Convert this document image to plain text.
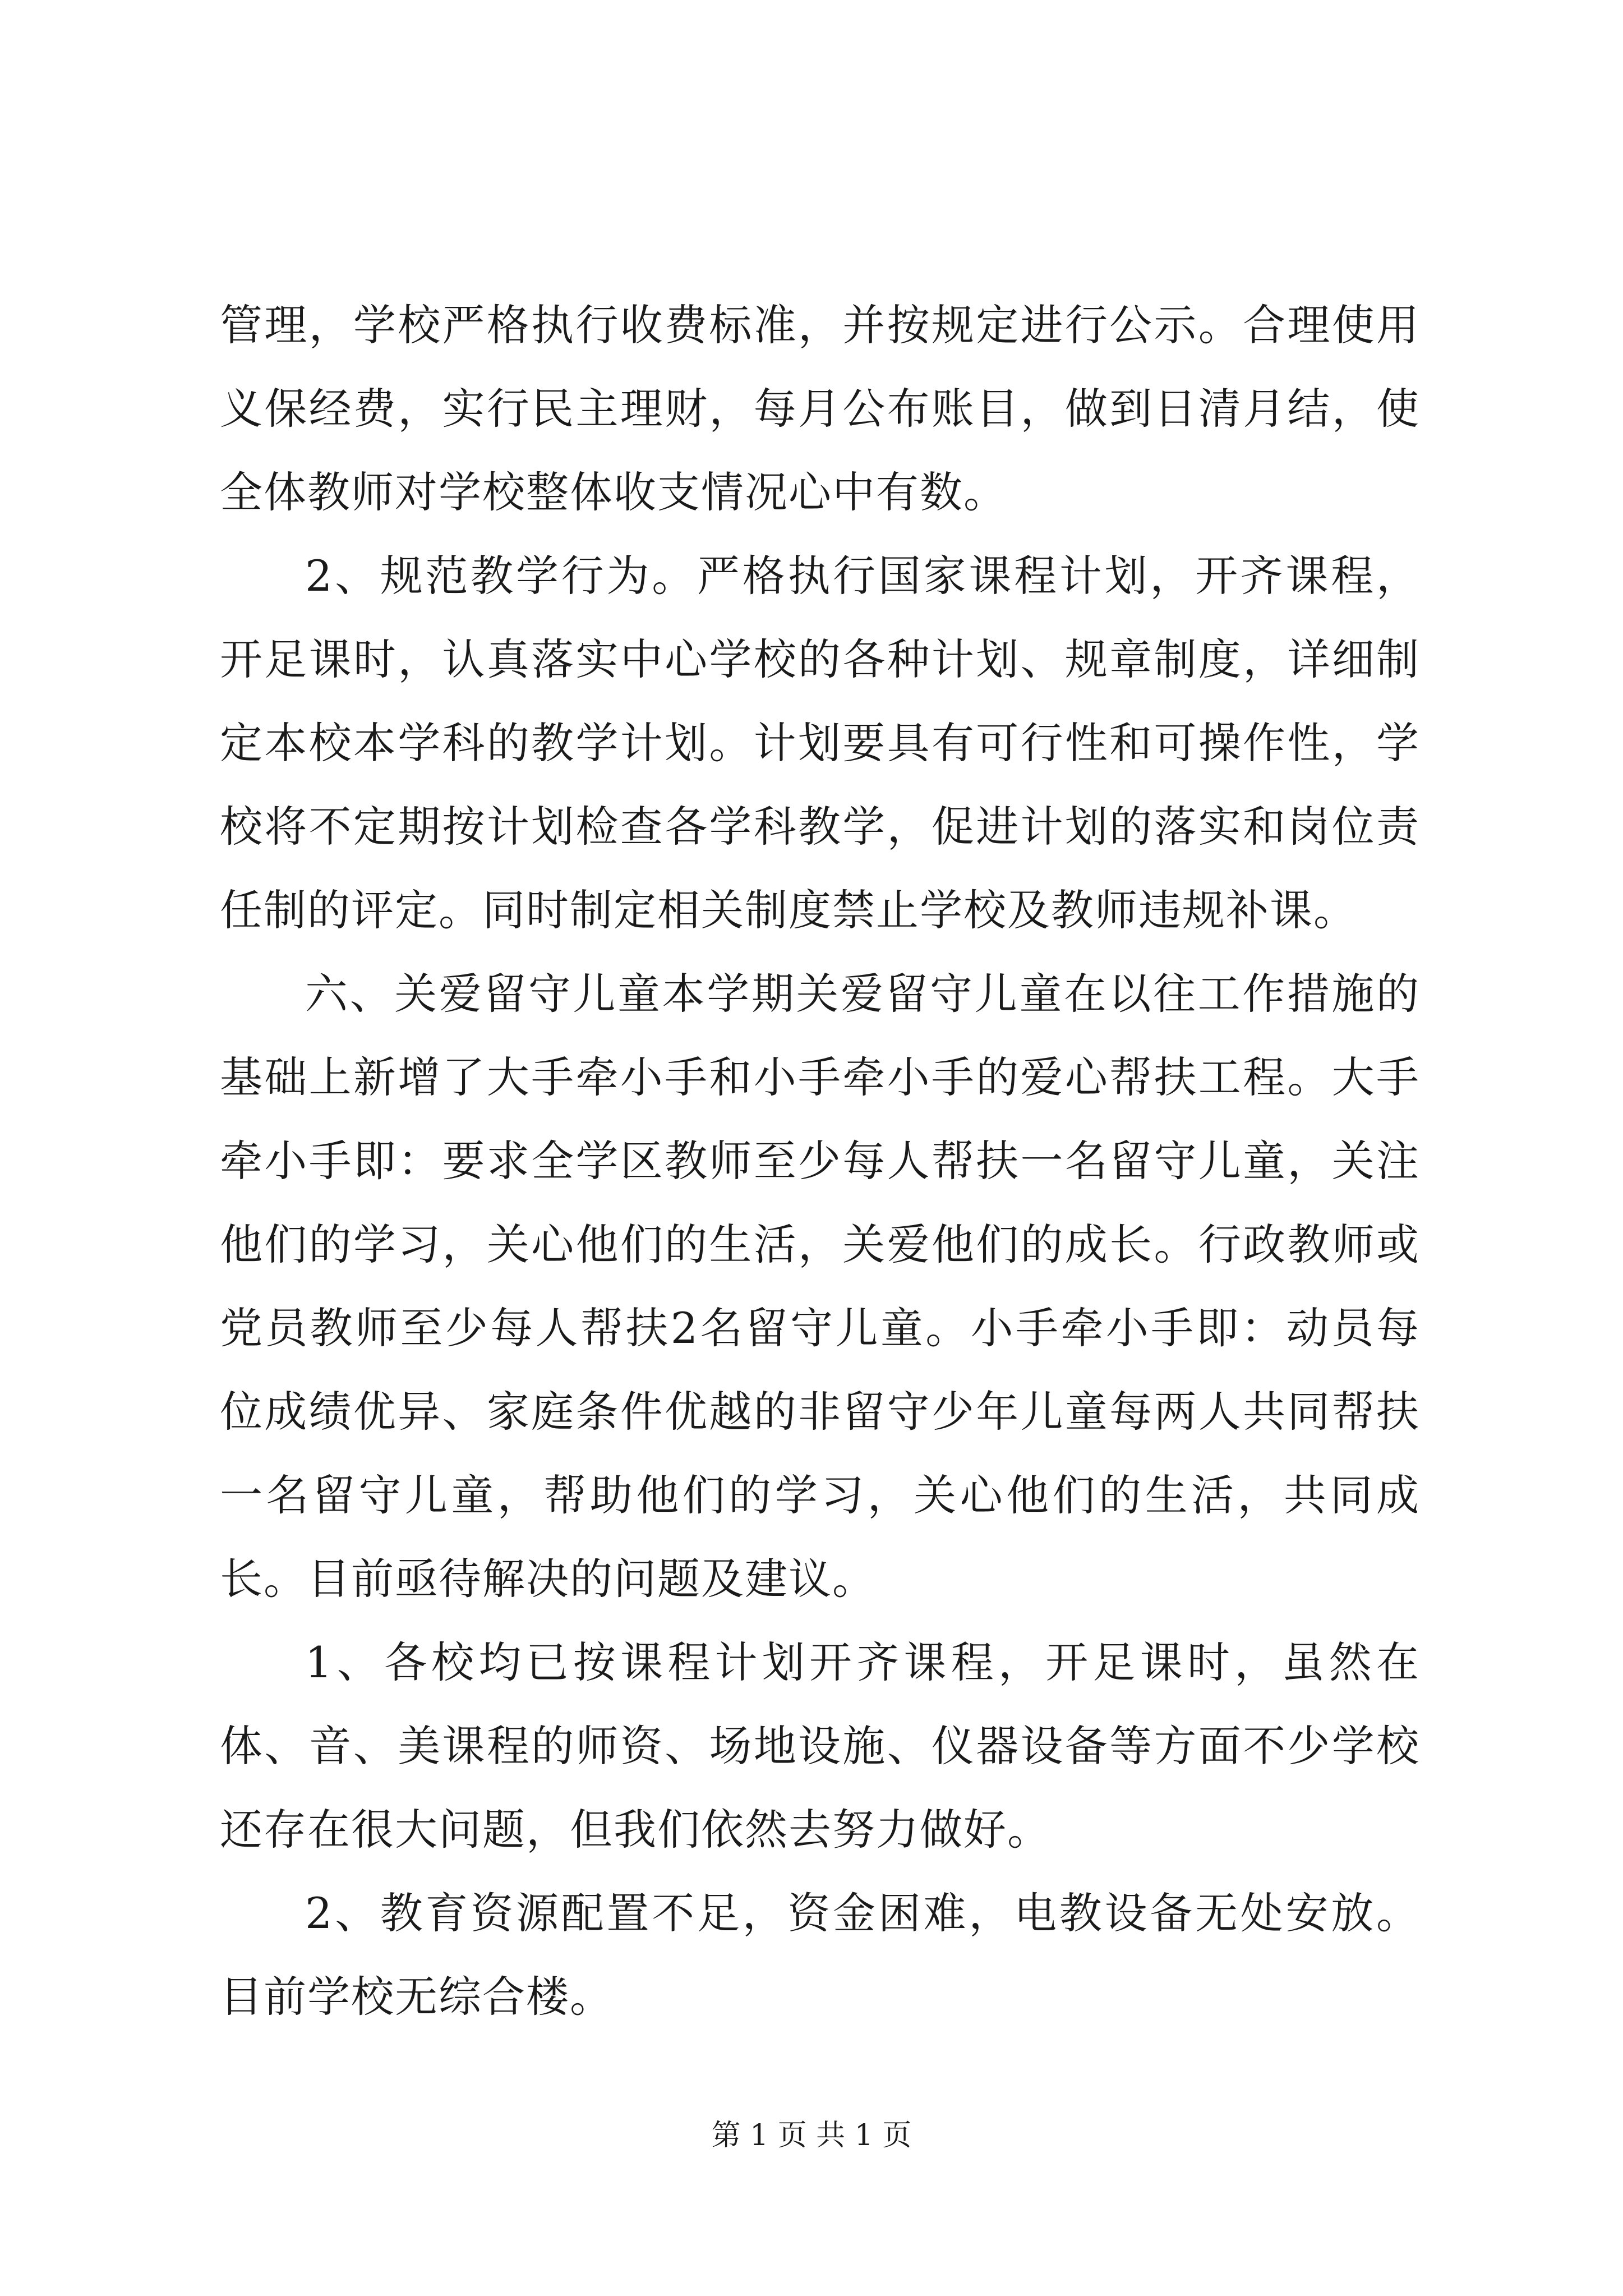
管理，学校严格执行收费标准，并按规定进行公示。合理使用义保经费，实行民主理财，每月公布账目，做到日清月结，使全体教师对学校整体收支情况心中有数。

2、规范教学行为。严格执行国家课程计划，开齐课程，开足课时，认真落实中心学校的各种计划、规章制度，详细制定本校本学科的教学计划。计划要具有可行性和可操作性，学校将不定期按计划检查各学科教学，促进计划的落实和岗位责任制的评定。同时制定相关制度禁止学校及教师违规补课。

六、关爱留守儿童本学期关爱留守儿童在以往工作措施的基础上新增了大手牵小手和小手牵小手的爱心帮扶工程。大手牵小手即：要求全学区教师至少每人帮扶一名留守儿童，关注他们的学习，关心他们的生活，关爱他们的成长。行政教师或党员教师至少每人帮扶2名留守儿童。小手牵小手即：动员每位成绩优异、家庭条件优越的非留守少年儿童每两人共同帮扶一名留守儿童，帮助他们的学习，关心他们的生活，共同成长。目前亟待解决的问题及建议。

1、各校均已按课程计划开齐课程，开足课时，虽然在体、音、美课程的师资、场地设施、仪器设备等方面不少学校还存在很大问题，但我们依然去努力做好。

2、教育资源配置不足，资金困难，电教设备无处安放。目前学校无综合楼。

第 1 页 共 1 页
